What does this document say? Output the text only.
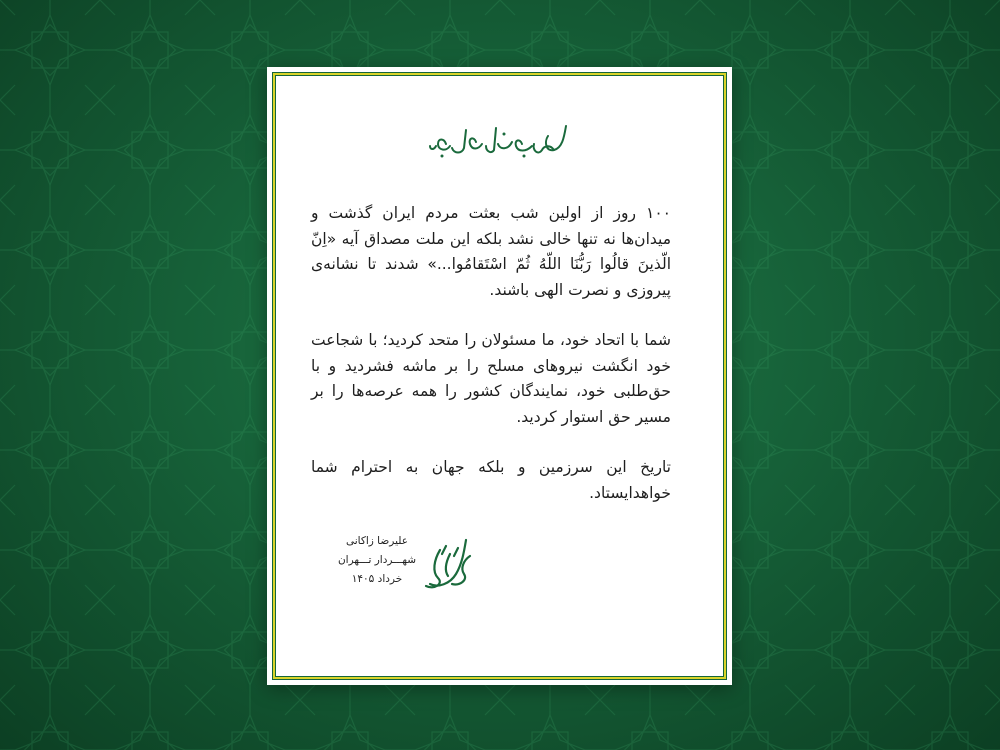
۱۰۰ روز از اولین شب بعثت مردم ایران گذشت و میدان‌ها نه تنها خالی نشد بلکه این ملت مصداق آیه «اِنّ الّذینَ قالُوا رَبُّنَا اللّهُ ثُمّ اسْتَقامُوا...» شدند تا نشانه‌ی پیروزی و نصرت الهی باشند.

شما با اتحاد خود، ما مسئولان را متحد کردید؛ با شجاعت خود انگشت نیروهای مسلح را بر ماشه فشردید و با حق‌طلبی خود، نمایندگان کشور را همه عرصه‌ها را بر مسیر حق استوار کردید.

تاریخ این سرزمین و بلکه جهان به احترام شما خواهدایستاد.

علیرضا زاکانی
شهـــردار تـــهران
خرداد ۱۴۰۵
